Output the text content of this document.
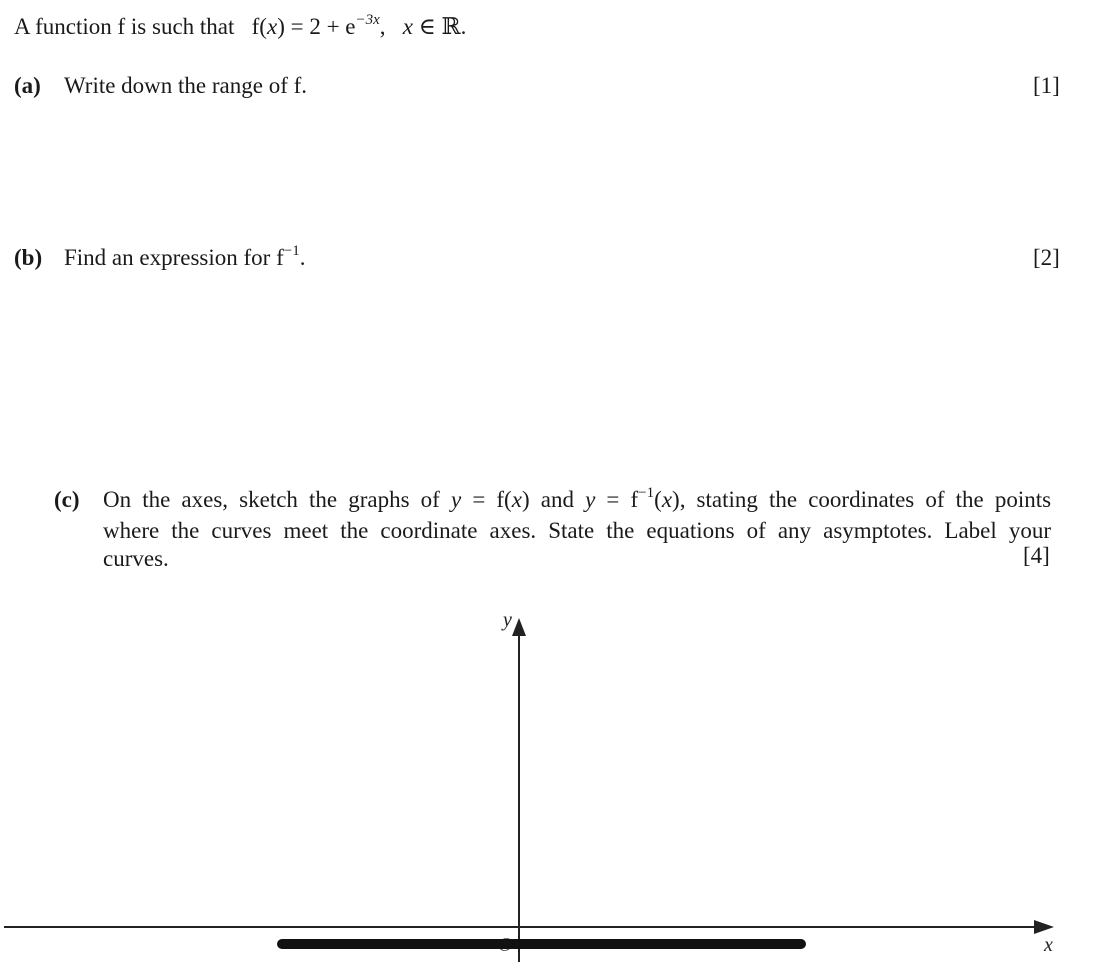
A function f is such that $f(x) = 2 + e^{-3x}$, x ∈ ℝ.
(a) Write down the range of f.	[1]
(b) Find an expression for $f^{-1}$.	[2]
(c) On the axes, sketch the graphs of y = f(x) and $y = f^{-1}(x)$, stating the coordinates of the points
where the curves meet the coordinate axes. State the equations of any asymptotes. Label your
curves.	[4]
y
x
